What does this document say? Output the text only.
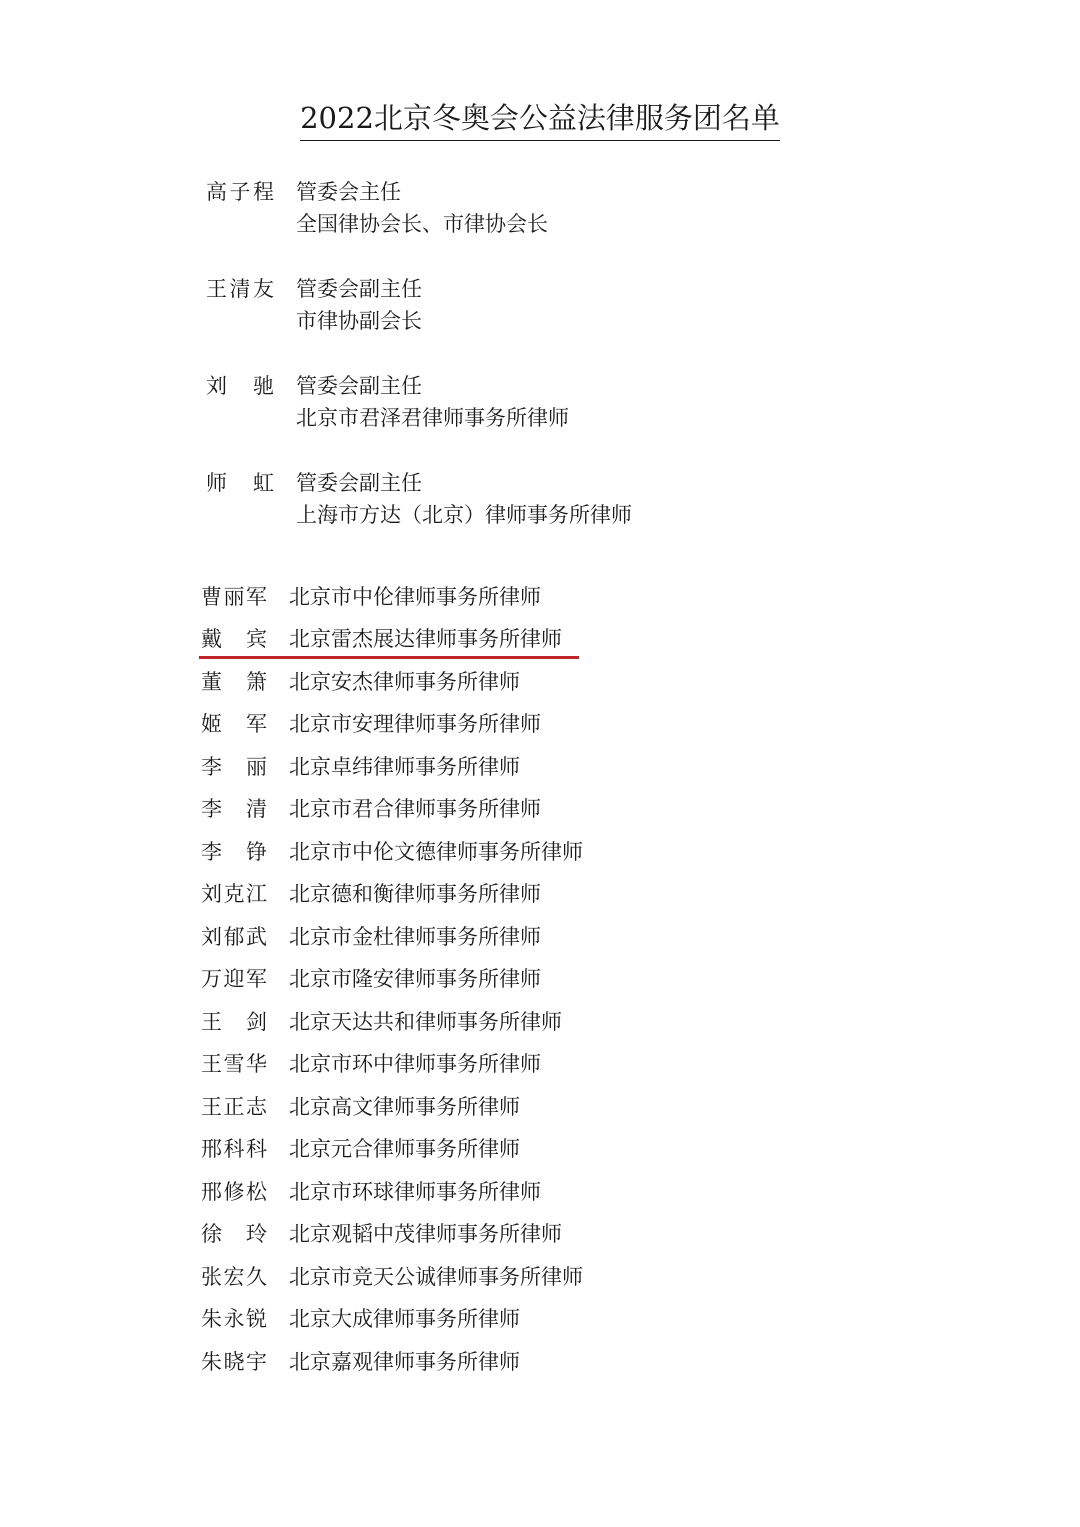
2022北京冬奥会公益法律服务团名单
高子程 管委会主任
全国律协会长、市律协会长
王清友 管委会副主任
市律协副会长
刘驰 管委会副主任
北京市君泽君律师事务所律师
师虹 管委会副主任
上海市方达（北京）律师事务所律师
曹丽军 北京市中伦律师事务所律师
戴宾 北京雷杰展达律师事务所律师
董箫 北京安杰律师事务所律师
姬军 北京市安理律师事务所律师
李丽 北京卓纬律师事务所律师
李清 北京市君合律师事务所律师
李铮 北京市中伦文德律师事务所律师
刘克江 北京德和衡律师事务所律师
刘郁武 北京市金杜律师事务所律师
万迎军 北京市隆安律师事务所律师
王剑 北京天达共和律师事务所律师
王雪华 北京市环中律师事务所律师
王正志 北京高文律师事务所律师
邢科科 北京元合律师事务所律师
邢修松 北京市环球律师事务所律师
徐玲 北京观韬中茂律师事务所律师
张宏久 北京市竞天公诚律师事务所律师
朱永锐 北京大成律师事务所律师
朱晓宇 北京嘉观律师事务所律师
